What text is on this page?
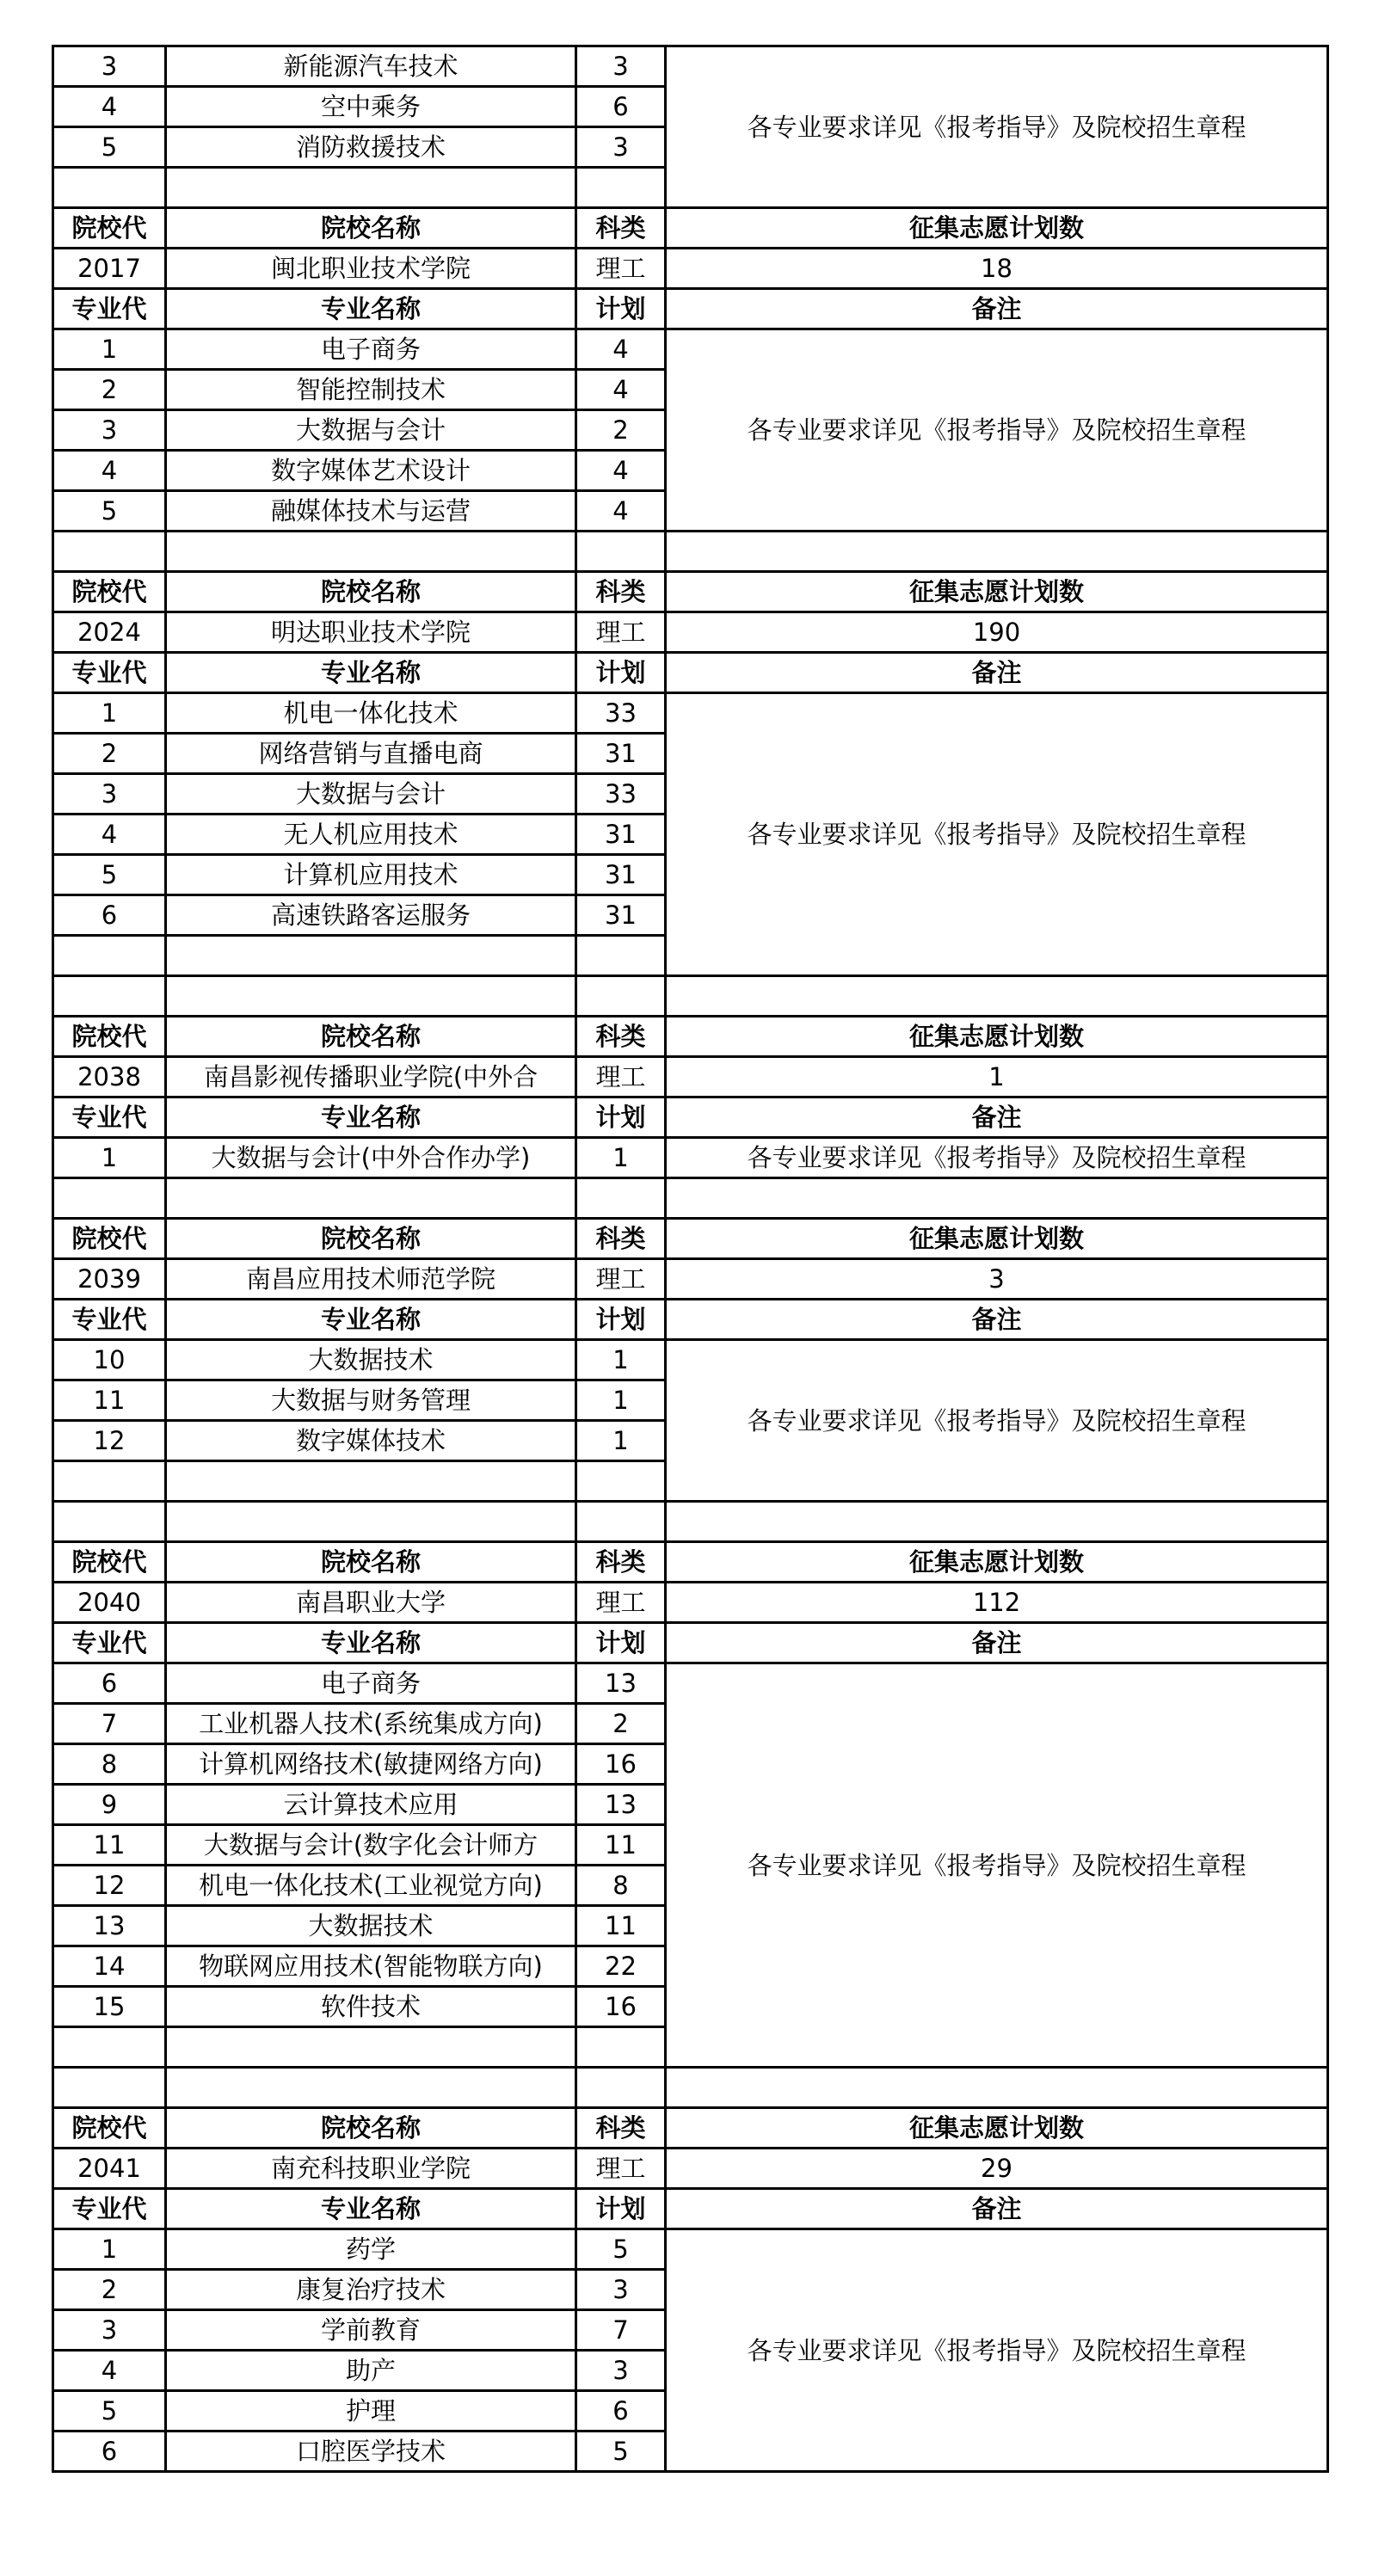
3	新能源汽车技术	3	各专业要求详见《报考指导》及院校招生章程
4	空中乘务	6	
5	消防救援技术	3	

院校代	院校名称	科类	征集志愿计划数
2017	闽北职业技术学院	理工	18
专业代	专业名称	计划	备注
1	电子商务	4	各专业要求详见《报考指导》及院校招生章程
2	智能控制技术	4	
3	大数据与会计	2	
4	数字媒体艺术设计	4	
5	融媒体技术与运营	4	

院校代	院校名称	科类	征集志愿计划数
2024	明达职业技术学院	理工	190
专业代	专业名称	计划	备注
1	机电一体化技术	33	各专业要求详见《报考指导》及院校招生章程
2	网络营销与直播电商	31	
3	大数据与会计	33	
4	无人机应用技术	31	
5	计算机应用技术	31	
6	高速铁路客运服务	31	

院校代	院校名称	科类	征集志愿计划数
2038	南昌影视传播职业学院(中外合	理工	1
专业代	专业名称	计划	备注
1	大数据与会计(中外合作办学)	1	各专业要求详见《报考指导》及院校招生章程

院校代	院校名称	科类	征集志愿计划数
2039	南昌应用技术师范学院	理工	3
专业代	专业名称	计划	备注
10	大数据技术	1	各专业要求详见《报考指导》及院校招生章程
11	大数据与财务管理	1	
12	数字媒体技术	1	

院校代	院校名称	科类	征集志愿计划数
2040	南昌职业大学	理工	112
专业代	专业名称	计划	备注
6	电子商务	13	各专业要求详见《报考指导》及院校招生章程
7	工业机器人技术(系统集成方向)	2	
8	计算机网络技术(敏捷网络方向)	16	
9	云计算技术应用	13	
11	大数据与会计(数字化会计师方	11	
12	机电一体化技术(工业视觉方向)	8	
13	大数据技术	11	
14	物联网应用技术(智能物联方向)	22	
15	软件技术	16	

院校代	院校名称	科类	征集志愿计划数
2041	南充科技职业学院	理工	29
专业代	专业名称	计划	备注
1	药学	5	各专业要求详见《报考指导》及院校招生章程
2	康复治疗技术	3	
3	学前教育	7	
4	助产	3	
5	护理	6	
6	口腔医学技术	5	
